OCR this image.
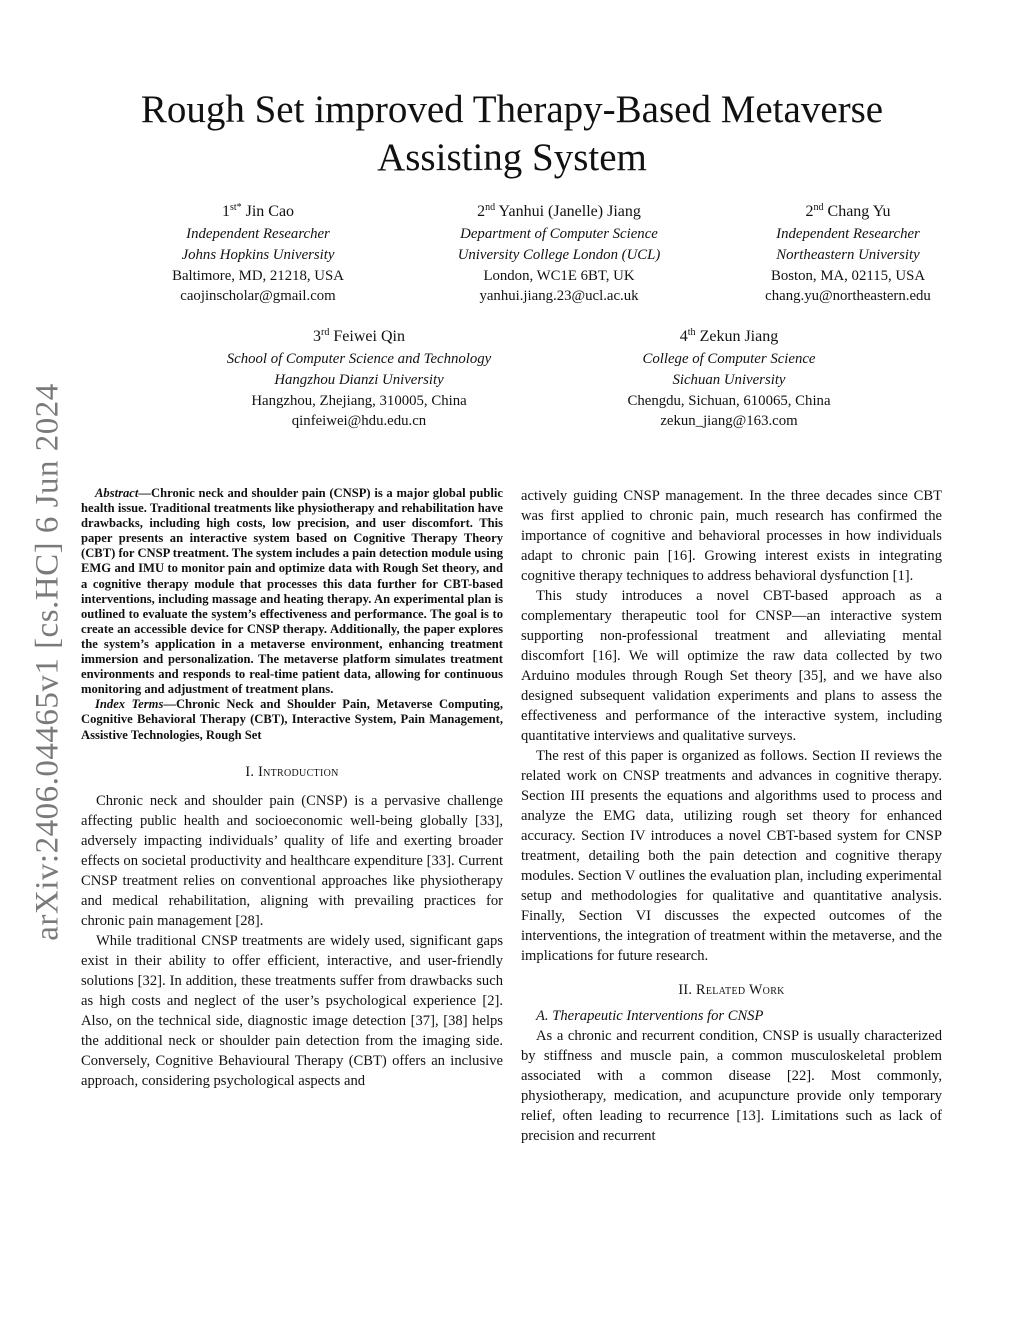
arXiv:2406.04465v1 [cs.HC] 6 Jun 2024
Rough Set improved Therapy-Based Metaverse Assisting System
$1^{st*}$ Jin Cao
Independent Researcher
Johns Hopkins University
Baltimore, MD, 21218, USA
caojinscholar@gmail.com
2nd Yanhui (Janelle) Jiang
Department of Computer Science
University College London (UCL)
London, WC1E 6BT, UK
yanhui.jiang.23@ucl.ac.uk
2nd Chang Yu
Independent Researcher
Northeastern University
Boston, MA, 02115, USA
chang.yu@northeastern.edu
3rd Feiwei Qin
School of Computer Science and Technology
Hangzhou Dianzi University
Hangzhou, Zhejiang, 310005, China
qinfeiwei@hdu.edu.cn
4th Zekun Jiang
College of Computer Science
Sichuan University
Chengdu, Sichuan, 610065, China
zekun_jiang@163.com

Abstract—Chronic neck and shoulder pain (CNSP) is a major global public health issue. Traditional treatments like physiotherapy and rehabilitation have drawbacks, including high costs, low precision, and user discomfort. This paper presents an interactive system based on Cognitive Therapy Theory (CBT) for CNSP treatment. The system includes a pain detection module using EMG and IMU to monitor pain and optimize data with Rough Set theory, and a cognitive therapy module that processes this data further for CBT-based interventions, including massage and heating therapy. An experimental plan is outlined to evaluate the system’s effectiveness and performance. The goal is to create an accessible device for CNSP therapy. Additionally, the paper explores the system’s application in a metaverse environment, enhancing treatment immersion and personalization. The metaverse platform simulates treatment environments and responds to real-time patient data, allowing for continuous monitoring and adjustment of treatment plans.

Index Terms—Chronic Neck and Shoulder Pain, Metaverse Computing, Cognitive Behavioral Therapy (CBT), Interactive System, Pain Management, Assistive Technologies, Rough Set

I. Introduction

Chronic neck and shoulder pain (CNSP) is a pervasive challenge affecting public health and socioeconomic well-being globally [33], adversely impacting individuals’ quality of life and exerting broader effects on societal productivity and healthcare expenditure [33]. Current CNSP treatment relies on conventional approaches like physiotherapy and medical rehabilitation, aligning with prevailing practices for chronic pain management [28].

While traditional CNSP treatments are widely used, significant gaps exist in their ability to offer efficient, interactive, and user-friendly solutions [32]. In addition, these treatments suffer from drawbacks such as high costs and neglect of the user’s psychological experience [2]. Also, on the technical side, diagnostic image detection [37], [38] helps the additional neck or shoulder pain detection from the imaging side. Conversely, Cognitive Behavioural Therapy (CBT) offers an inclusive approach, considering psychological aspects and

actively guiding CNSP management. In the three decades since CBT was first applied to chronic pain, much research has confirmed the importance of cognitive and behavioral processes in how individuals adapt to chronic pain [16]. Growing interest exists in integrating cognitive therapy techniques to address behavioral dysfunction [1].

This study introduces a novel CBT-based approach as a complementary therapeutic tool for CNSP—an interactive system supporting non-professional treatment and alleviating mental discomfort [16]. We will optimize the raw data collected by two Arduino modules through Rough Set theory [35], and we have also designed subsequent validation experiments and plans to assess the effectiveness and performance of the interactive system, including quantitative interviews and qualitative surveys.

The rest of this paper is organized as follows. Section II reviews the related work on CNSP treatments and advances in cognitive therapy. Section III presents the equations and algorithms used to process and analyze the EMG data, utilizing rough set theory for enhanced accuracy. Section IV introduces a novel CBT-based system for CNSP treatment, detailing both the pain detection and cognitive therapy modules. Section V outlines the evaluation plan, including experimental setup and methodologies for qualitative and quantitative analysis. Finally, Section VI discusses the expected outcomes of the interventions, the integration of treatment within the metaverse, and the implications for future research.

II. Related Work

A. Therapeutic Interventions for CNSP

As a chronic and recurrent condition, CNSP is usually characterized by stiffness and muscle pain, a common musculoskeletal problem associated with a common disease [22]. Most commonly, physiotherapy, medication, and acupuncture provide only temporary relief, often leading to recurrence [13]. Limitations such as lack of precision and recurrent
